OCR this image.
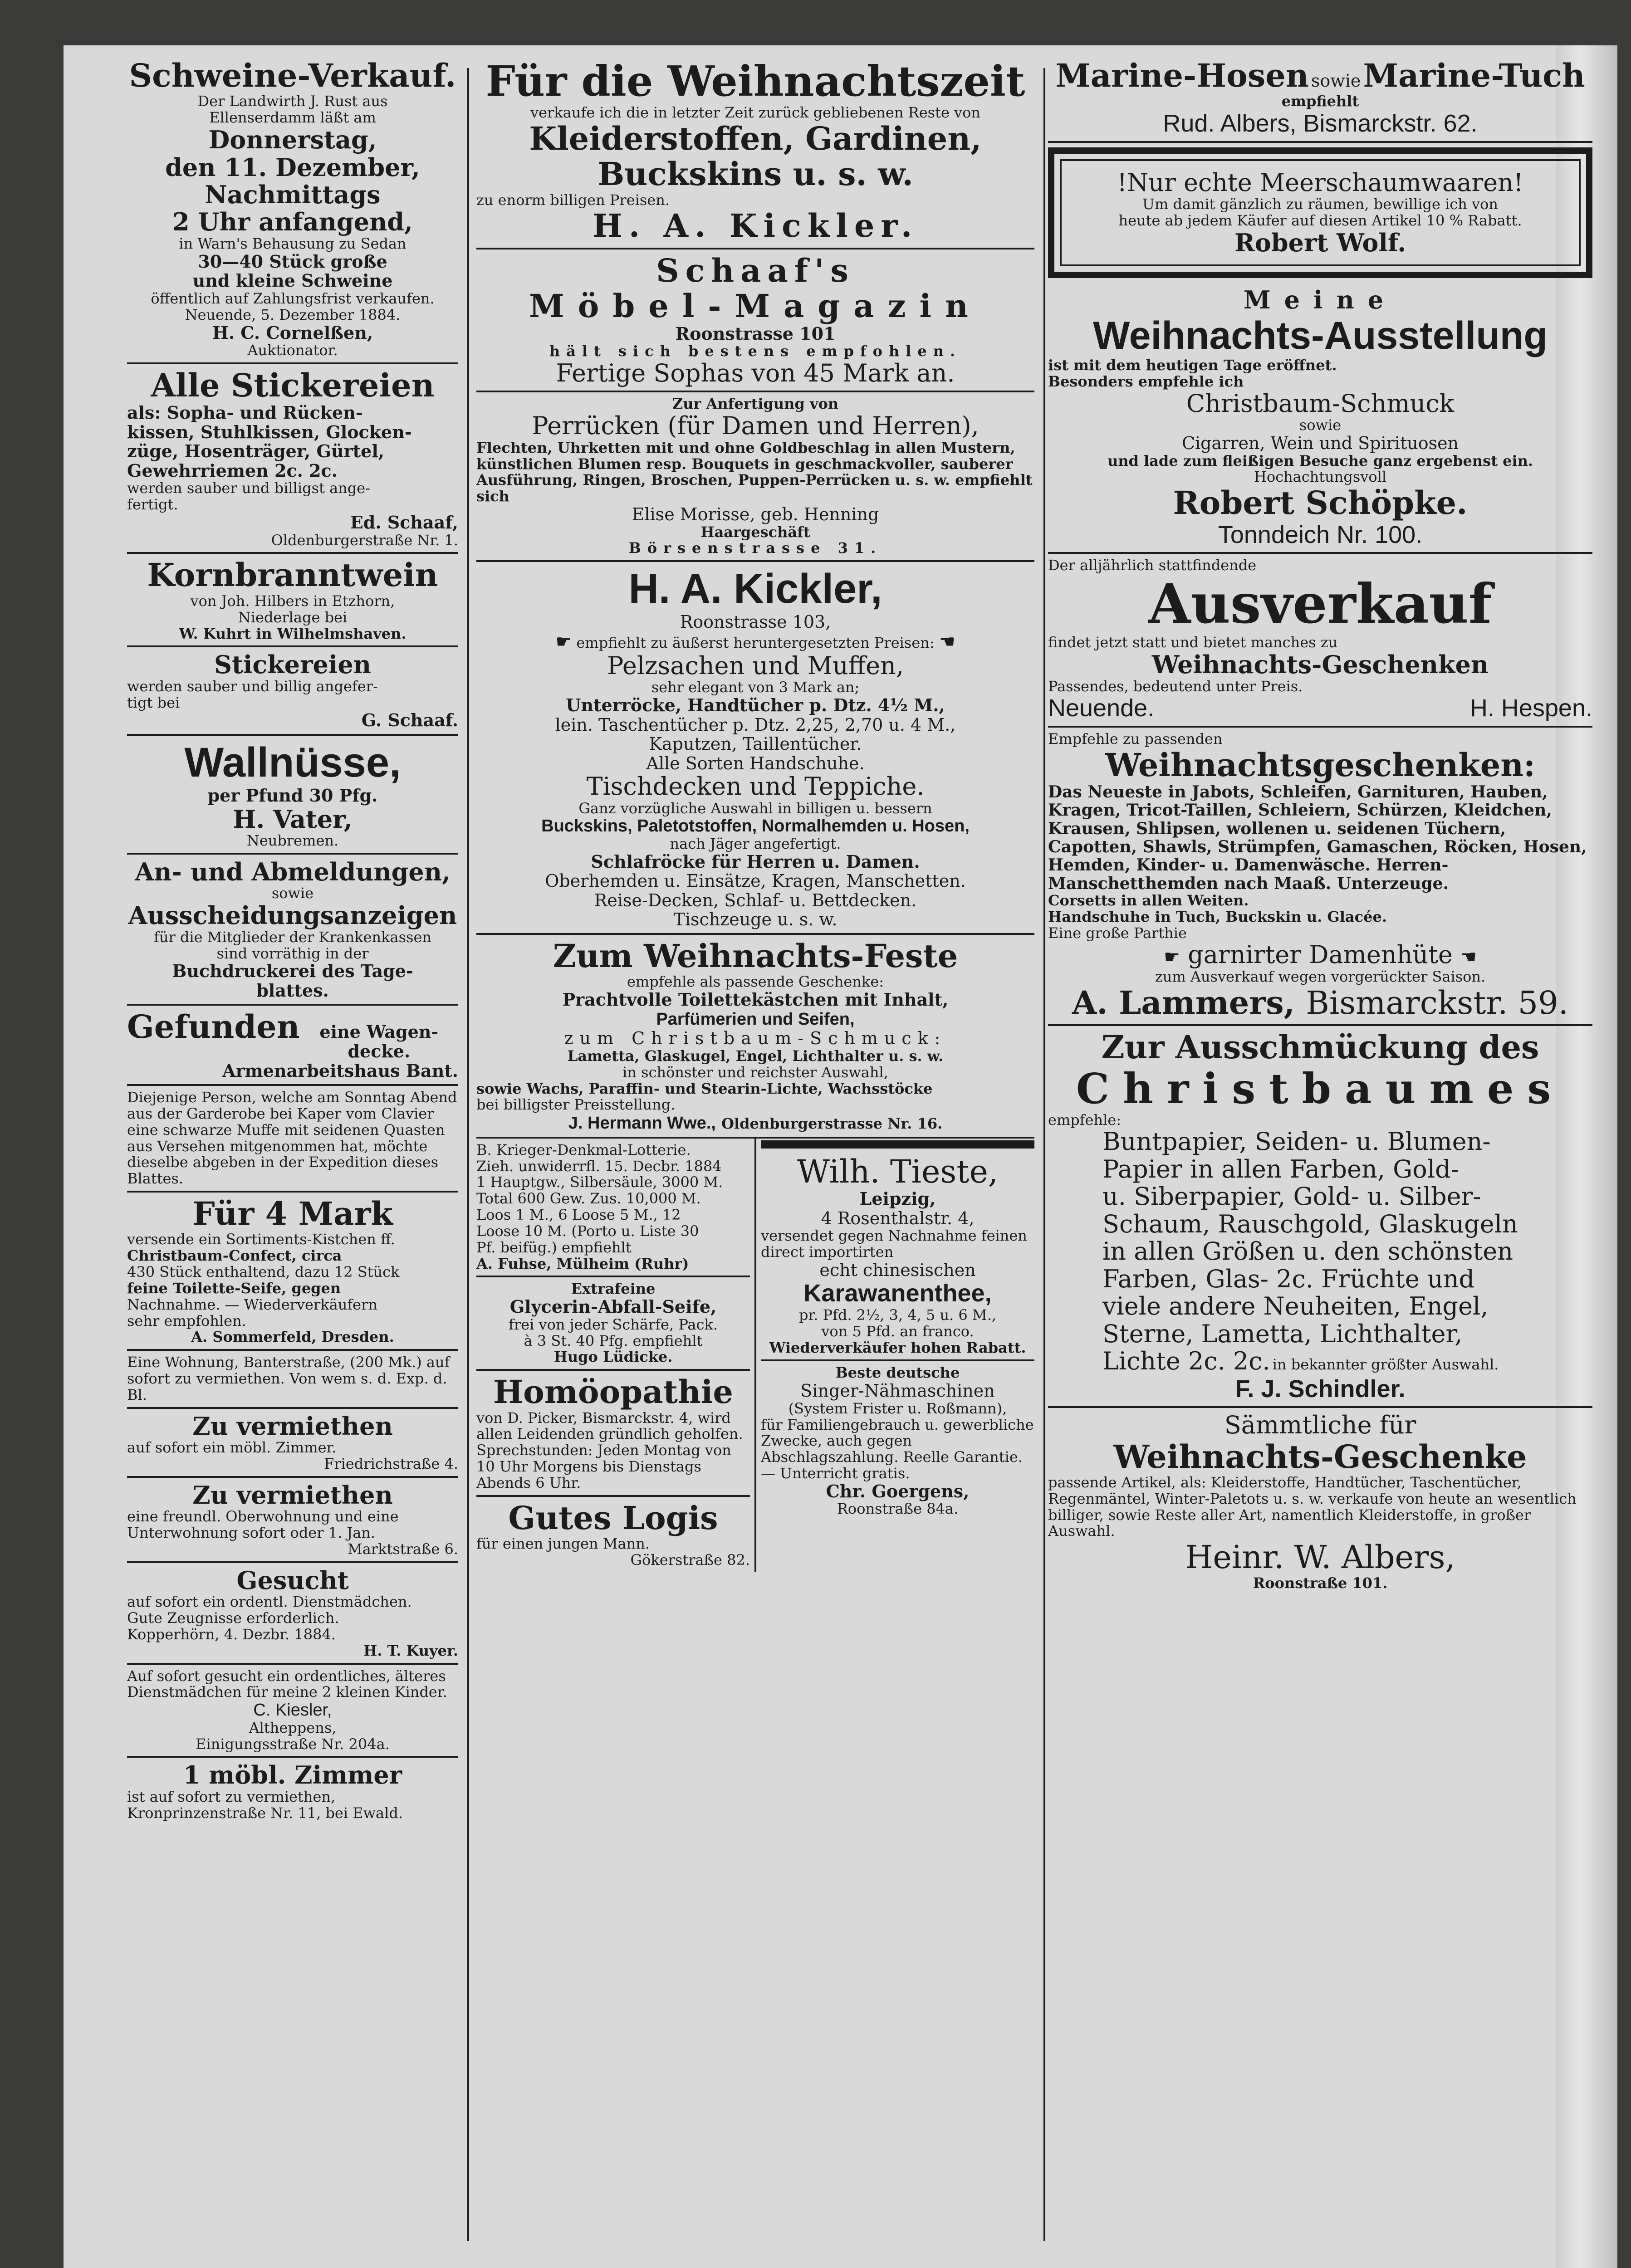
Schweine-Verkauf.

Der Landwirth J. Rust aus

Ellenserdamm läßt am

Donnerstag,

den 11. Dezember,

Nachmittags

2 Uhr anfangend,

in Warn's Behausung zu Sedan

30—40 Stück große

und kleine Schweine

öffentlich auf Zahlungsfrist verkaufen.

Neuende, 5. Dezember 1884.

H. C. Cornelßen,

Auktionator.

Alle Stickereien

als: Sopha- und Rücken-

kissen, Stuhlkissen, Glocken-

züge, Hosenträger, Gürtel,

Gewehrriemen 2c. 2c.

werden sauber und billigst ange-

fertigt.

Ed. Schaaf,

Oldenburgerstraße Nr. 1.

Kornbranntwein

von Joh. Hilbers in Etzhorn,

Niederlage bei

W. Kuhrt in Wilhelmshaven.

Stickereien

werden sauber und billig angefer-

tigt bei

G. Schaaf.

Wallnüsse,

per Pfund 30 Pfg.

H. Vater,

Neubremen.

An- und Abmeldungen,

sowie

Ausscheidungsanzeigen

für die Mitglieder der Krankenkassen

sind vorräthig in der

Buchdruckerei des Tage-

blattes.

Gefunden	eine Wagen-decke.

Armenarbeitshaus Bant.

Diejenige Person, welche am Sonntag Abend aus der Garderobe bei Kaper vom Clavier eine schwarze Muffe mit seidenen Quasten aus Versehen mitgenommen hat, möchte dieselbe abgeben in der Expedition dieses Blattes.

Für 4 Mark

versende ein Sortiments-Kistchen ff.

Christbaum-Confect, circa

430 Stück enthaltend, dazu 12 Stück

feine Toilette-Seife, gegen

Nachnahme. — Wiederverkäufern

sehr empfohlen.

A. Sommerfeld, Dresden.

Eine Wohnung, Banterstraße, (200 Mk.) auf sofort zu vermiethen. Von wem s. d. Exp. d. Bl.

Zu vermiethen

auf sofort ein möbl. Zimmer.

Friedrichstraße 4.

Zu vermiethen

eine freundl. Oberwohnung und eine

Unterwohnung sofort oder 1. Jan.

Marktstraße 6.

Gesucht

auf sofort ein ordentl. Dienstmädchen.

Gute Zeugnisse erforderlich.

Kopperhörn, 4. Dezbr. 1884.

H. T. Kuyer.

Auf sofort gesucht ein ordentliches, älteres Dienstmädchen für meine 2 kleinen Kinder.

C. Kiesler,

Altheppens,

Einigungsstraße Nr. 204a.

1 möbl. Zimmer

ist auf sofort zu vermiethen, Kronprinzenstraße Nr. 11, bei Ewald.

Für die Weihnachtszeit

verkaufe ich die in letzter Zeit zurück gebliebenen Reste von

Kleiderstoffen, Gardinen,

Buckskins u. s. w.

zu enorm billigen Preisen.

H. A. Kickler.

Schaaf's

Möbel-Magazin

Roonstrasse 101

hält sich bestens empfohlen.

Fertige Sophas von 45 Mark an.

Zur Anfertigung von

Perrücken (für Damen und Herren),

Flechten, Uhrketten mit und ohne Goldbeschlag in allen Mustern, künstlichen Blumen resp. Bouquets in geschmackvoller, sauberer Ausführung, Ringen, Broschen, Puppen-Perrücken u. s. w. empfiehlt sich

Elise Morisse, geb. Henning

Haargeschäft

Börsenstrasse 31.

H. A. Kickler,

Roonstrasse 103,

☛ empfiehlt zu äußerst heruntergesetzten Preisen: ☚

Pelzsachen und Muffen,

sehr elegant von 3 Mark an;

Unterröcke, Handtücher p. Dtz. 4½ M.,

lein. Taschentücher p. Dtz. 2,25, 2,70 u. 4 M.,

Kaputzen, Taillentücher.

Alle Sorten Handschuhe.

Tischdecken und Teppiche.

Ganz vorzügliche Auswahl in billigen u. bessern

Buckskins, Paletotstoffen, Normalhemden u. Hosen,

nach Jäger angefertigt.

Schlafröcke für Herren u. Damen.

Oberhemden u. Einsätze, Kragen, Manschetten.

Reise-Decken, Schlaf- u. Bettdecken.

Tischzeuge u. s. w.

Zum Weihnachts-Feste

empfehle als passende Geschenke:

Prachtvolle Toilettekästchen mit Inhalt,

Parfümerien und Seifen,

zum Christbaum-Schmuck:

Lametta, Glaskugel, Engel, Lichthalter u. s. w.

in schönster und reichster Auswahl,

sowie Wachs, Paraffin- und Stearin-Lichte, Wachsstöcke

bei billigster Preisstellung.

J. Hermann Wwe., Oldenburgerstrasse Nr. 16.

B. Krieger-Denkmal-Lotterie.

Zieh. unwiderrfl. 15. Decbr. 1884

1 Hauptgw., Silbersäule, 3000 M.

Total 600 Gew. Zus. 10,000 M.

Loos 1 M., 6 Loose 5 M., 12

Loose 10 M. (Porto u. Liste 30

Pf. beifüg.) empfiehlt

A. Fuhse, Mülheim (Ruhr)

Extrafeine

Glycerin-Abfall-Seife,

frei von jeder Schärfe, Pack.

à 3 St. 40 Pfg. empfiehlt

Hugo Lüdicke.

Homöopathie

von D. Picker, Bismarckstr. 4, wird allen Leidenden gründlich geholfen. Sprechstunden: Jeden Montag von 10 Uhr Morgens bis Dienstags Abends 6 Uhr.

Gutes Logis

für einen jungen Mann.

Gökerstraße 82.

Wilh. Tieste,

Leipzig,

4 Rosenthalstr. 4,

versendet gegen Nachnahme feinen direct importirten

echt chinesischen

Karawanenthee,

pr. Pfd. 2½, 3, 4, 5 u. 6 M.,

von 5 Pfd. an franco.

Wiederverkäufer hohen Rabatt.

Beste deutsche

Singer-Nähmaschinen

(System Frister u. Roßmann),

für Familiengebrauch u. gewerbliche Zwecke, auch gegen Abschlagszahlung. Reelle Garantie. — Unterricht gratis.

Chr. Goergens,

Roonstraße 84a.

Marine-Hosen sowie Marine-Tuch

empfiehlt

Rud. Albers, Bismarckstr. 62.

!Nur echte Meerschaumwaaren!

Um damit gänzlich zu räumen, bewillige ich von

heute ab jedem Käufer auf diesen Artikel 10 % Rabatt.

Robert Wolf.

Meine

Weihnachts-Ausstellung

ist mit dem heutigen Tage eröffnet.

Besonders empfehle ich

Christbaum-Schmuck

sowie

Cigarren, Wein und Spirituosen

und lade zum fleißigen Besuche ganz ergebenst ein.

Hochachtungsvoll

Robert Schöpke.

Tonndeich Nr. 100.

Der alljährlich stattfindende

Ausverkauf

findet jetzt statt und bietet manches zu

Weihnachts-Geschenken

Passendes, bedeutend unter Preis.

Neuende.	H. Hespen.

Empfehle zu passenden

Weihnachtsgeschenken:

Das Neueste in Jabots, Schleifen, Garnituren, Hauben, Kragen, Tricot-Taillen, Schleiern, Schürzen, Kleidchen, Krausen, Shlipsen, wollenen u. seidenen Tüchern, Capotten, Shawls, Strümpfen, Gamaschen, Röcken, Hosen, Hemden, Kinder- u. Damenwäsche. Herren-Manschetthemden nach Maaß. Unterzeuge.

Corsetts in allen Weiten.

Handschuhe in Tuch, Buckskin u. Glacée.

Eine große Parthie

☛ garnirter Damenhüte ☚

zum Ausverkauf wegen vorgerückter Saison.

A. Lammers, Bismarckstr. 59.

Zur Ausschmückung des

Christbaumes

empfehle:

Buntpapier, Seiden- u. Blumen-

Papier in allen Farben, Gold-

u. Siberpapier, Gold- u. Silber-

Schaum, Rauschgold, Glaskugeln

in allen Größen u. den schönsten

Farben, Glas- 2c. Früchte und

viele andere Neuheiten, Engel,

Sterne, Lametta, Lichthalter,

Lichte 2c. 2c. in bekannter größter Auswahl.

F. J. Schindler.

Sämmtliche für

Weihnachts-Geschenke

passende Artikel, als: Kleiderstoffe, Handtücher, Taschentücher, Regenmäntel, Winter-Paletots u. s. w. verkaufe von heute an wesentlich billiger, sowie Reste aller Art, namentlich Kleiderstoffe, in großer Auswahl.

Heinr. W. Albers,

Roonstraße 101.
